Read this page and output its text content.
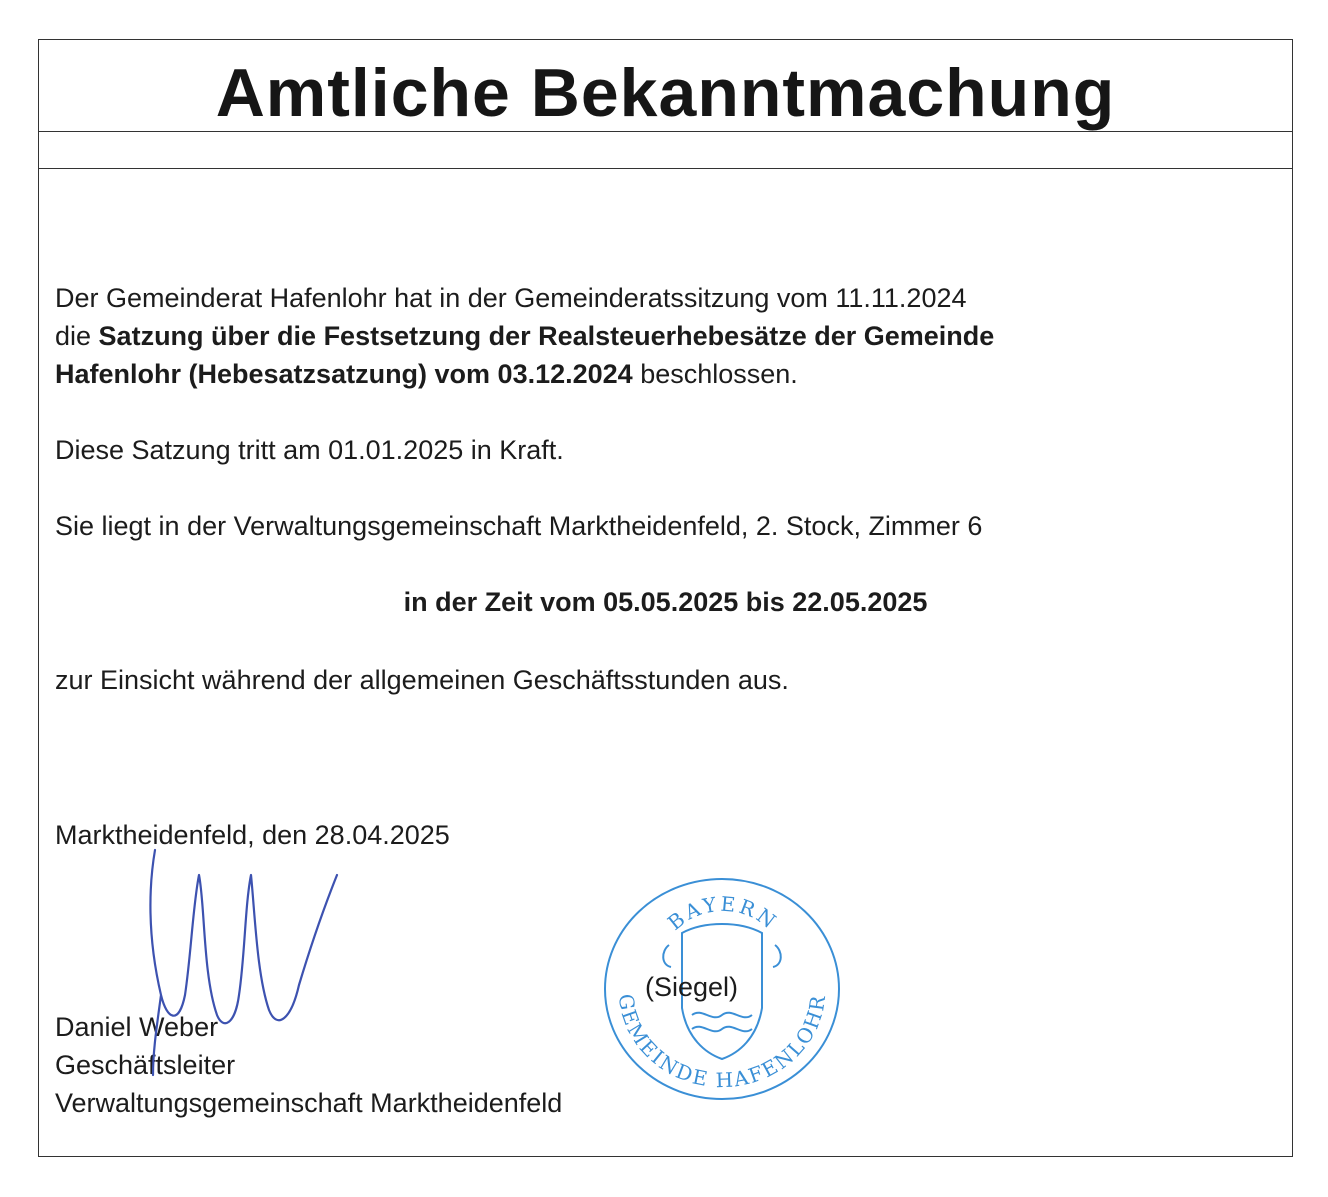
Amtliche Bekanntmachung
Der Gemeinderat Hafenlohr hat in der Gemeinderatssitzung vom 11.11.2024
die Satzung über die Festsetzung der Realsteuerhebesätze der Gemeinde
Hafenlohr (Hebesatzsatzung) vom 03.12.2024 beschlossen.
Diese Satzung tritt am 01.01.2025 in Kraft.
Sie liegt in der Verwaltungsgemeinschaft Marktheidenfeld, 2. Stock, Zimmer 6
in der Zeit vom 05.05.2025 bis 22.05.2025
zur Einsicht während der allgemeinen Geschäftsstunden aus.
Marktheidenfeld, den 28.04.2025
Daniel Weber
Geschäftsleiter
Verwaltungsgemeinschaft Marktheidenfeld
BAYERN
GEMEINDE HAFENLOHR
(Siegel)
